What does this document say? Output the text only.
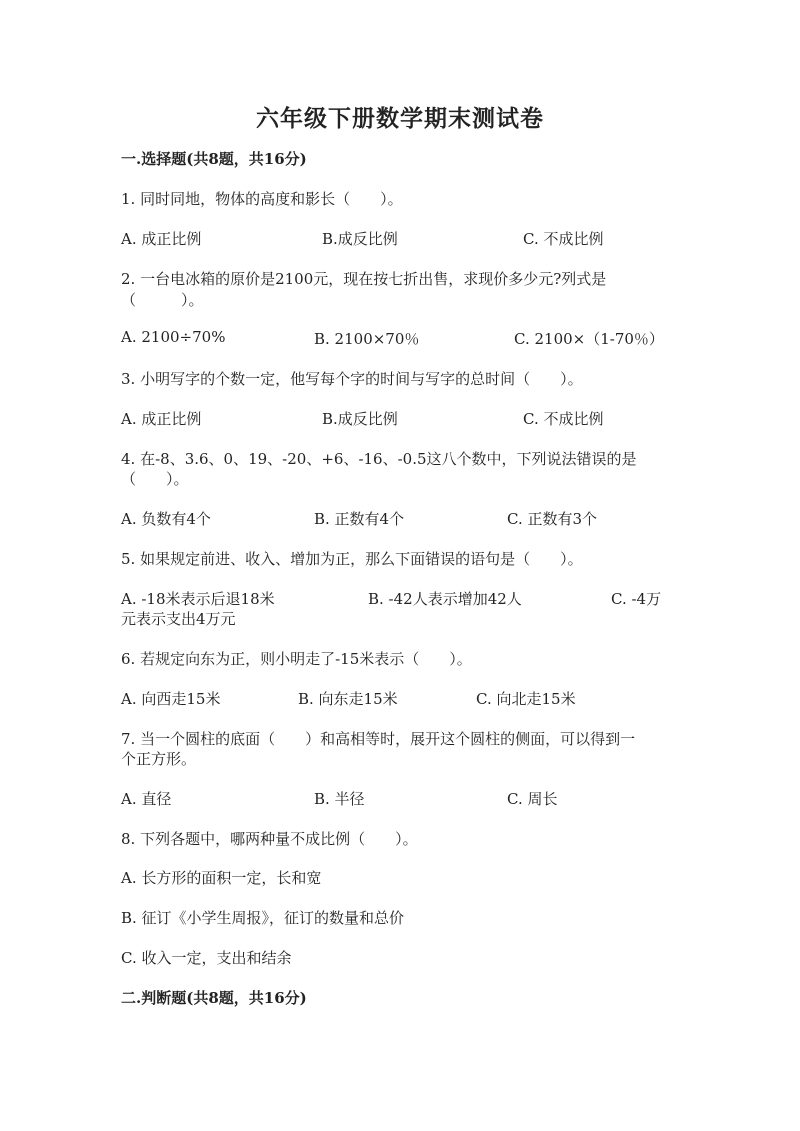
六年级下册数学期末测试卷
一.选择题(共8题，共16分)
1. 同时同地，物体的高度和影长（　　）。
A. 成正比例	B.成反比例	C. 不成比例
2. 一台电冰箱的原价是2100元，现在按七折出售，求现价多少元?列式是
（　　　）。
A. 2100÷70%	B. 2100×70％	C. 2100×（1-70％）
3. 小明写字的个数一定，他写每个字的时间与写字的总时间（　　）。
A. 成正比例	B.成反比例	C. 不成比例
4. 在-8、3.6、0、19、-20、+6、-16、-0.5这八个数中，下列说法错误的是
（　　）。
A. 负数有4个	B. 正数有4个	C. 正数有3个
5. 如果规定前进、收入、增加为正，那么下面错误的语句是（　　）。
A. -18米表示后退18米	B. -42人表示增加42人	C. -4万
元表示支出4万元
6. 若规定向东为正，则小明走了-15米表示（　　）。
A. 向西走15米	B. 向东走15米	C. 向北走15米
7. 当一个圆柱的底面（　　）和高相等时，展开这个圆柱的侧面，可以得到一
个正方形。
A. 直径	B. 半径	C. 周长
8. 下列各题中，哪两种量不成比例（　　）。
A. 长方形的面积一定，长和宽
B. 征订《小学生周报》，征订的数量和总价
C. 收入一定，支出和结余
二.判断题(共8题，共16分)
